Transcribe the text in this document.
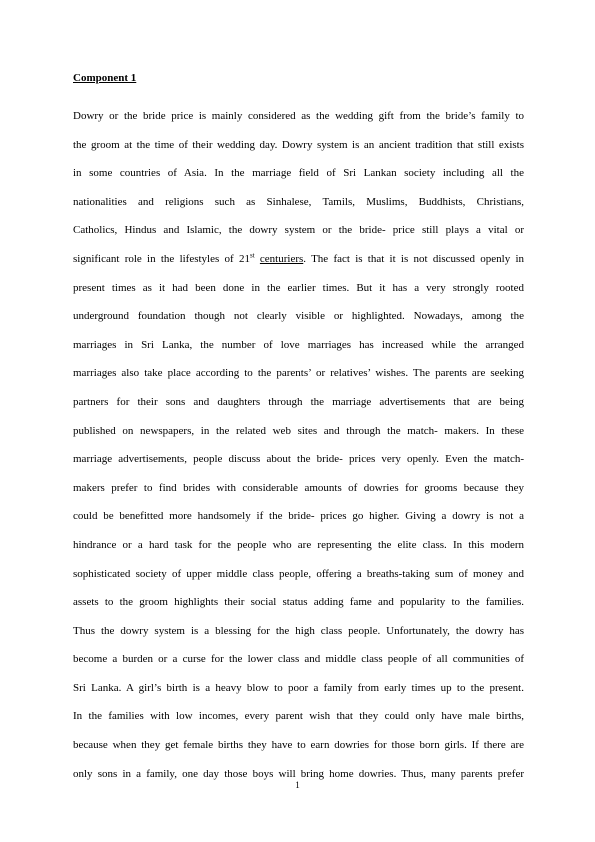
Component 1
Dowry or the bride price is mainly considered as the wedding gift from the bride’s family to
the groom at the time of their wedding day. Dowry system is an ancient tradition that still exists
in some countries of Asia. In the marriage field of Sri Lankan society including all the
nationalities and religions such as Sinhalese, Tamils, Muslims, Buddhists, Christians,
Catholics, Hindus and Islamic, the dowry system or the bride- price still plays a vital or
significant role in the lifestyles of 21st centuriers. The fact is that it is not discussed openly in
present times as it had been done in the earlier times. But it has a very strongly rooted
underground foundation though not clearly visible or highlighted. Nowadays, among the
marriages in Sri Lanka, the number of love marriages has increased while the arranged
marriages also take place according to the parents’ or relatives’ wishes. The parents are seeking
partners for their sons and daughters through the marriage advertisements that are being
published on newspapers, in the related web sites and through the match- makers. In these
marriage advertisements, people discuss about the bride- prices very openly. Even the match-
makers prefer to find brides with considerable amounts of dowries for grooms because they
could be benefitted more handsomely if the bride- prices go higher. Giving a dowry is not a
hindrance or a hard task for the people who are representing the elite class. In this modern
sophisticated society of upper middle class people, offering a breaths-taking sum of money and
assets to the groom highlights their social status adding fame and popularity to the families.
Thus the dowry system is a blessing for the high class people. Unfortunately, the dowry has
become a burden or a curse for the lower class and middle class people of all communities of
Sri Lanka. A girl’s birth is a heavy blow to poor a family from early times up to the present.
In the families with low incomes, every parent wish that they could only have male births,
because when they get female births they have to earn dowries for those born girls. If there are
only sons in a family, one day those boys will bring home dowries. Thus, many parents prefer
1
